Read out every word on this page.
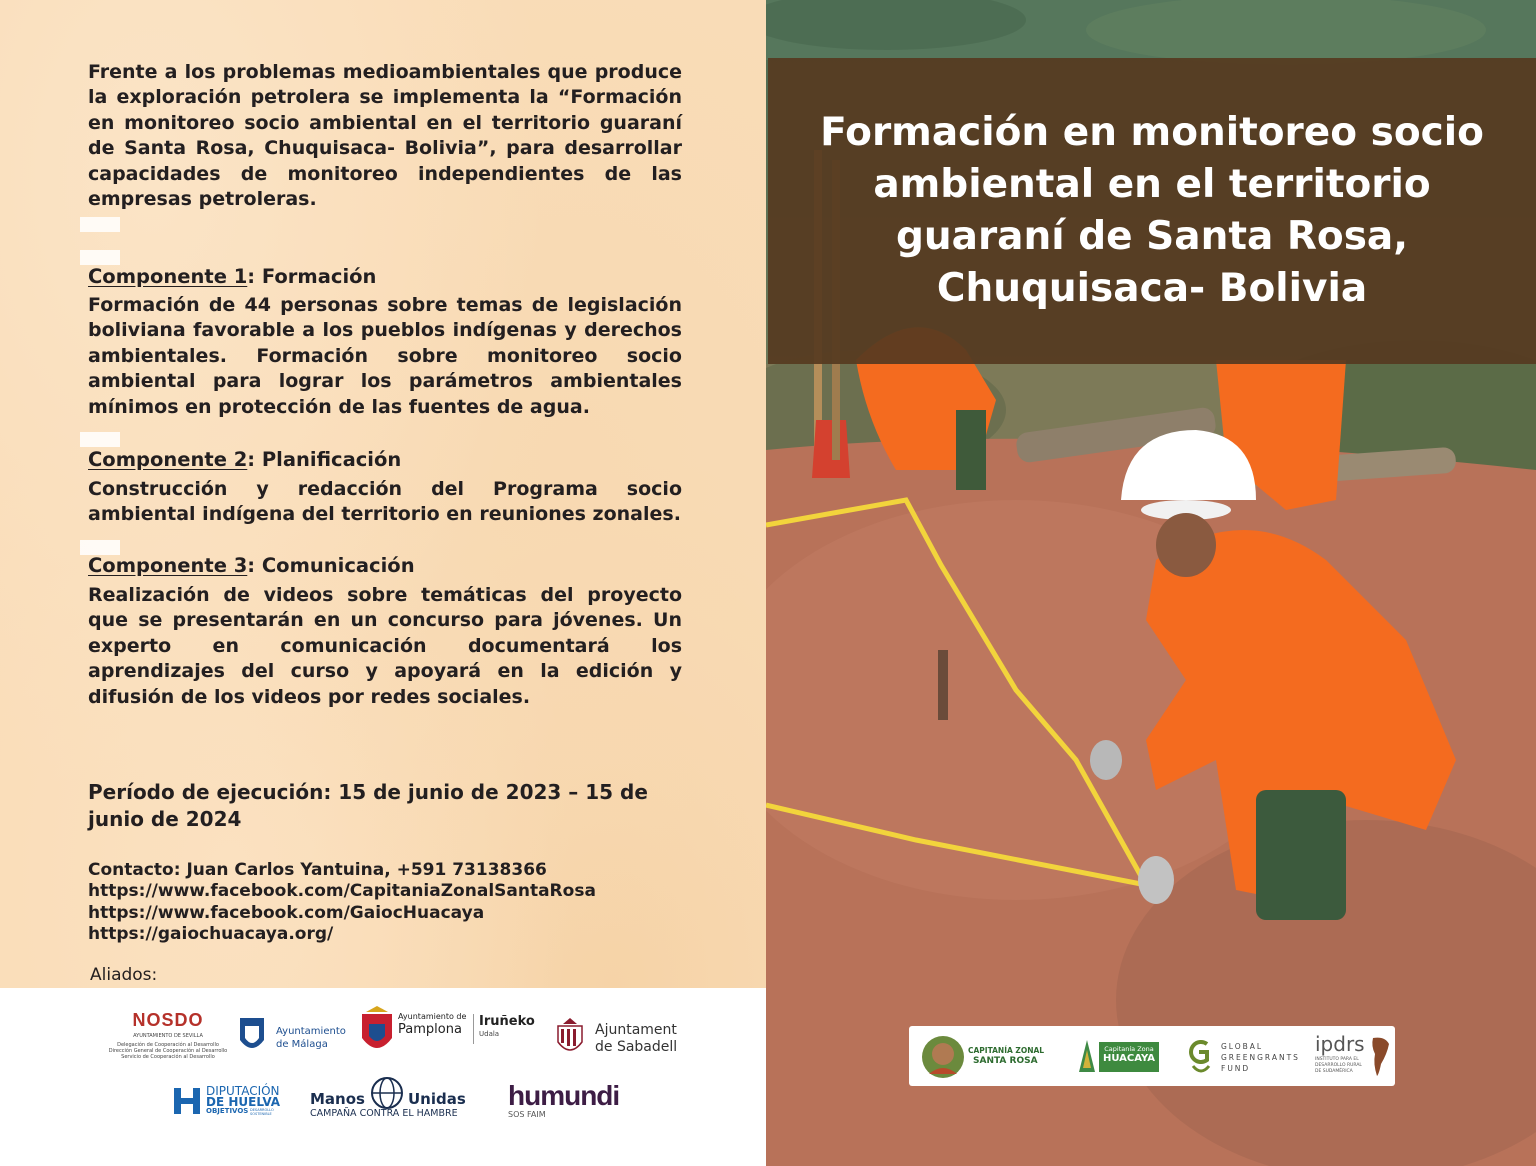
Frente a los problemas medioambientales que produce la exploración petrolera se implementa la “Formación en monitoreo socio ambiental en el territorio guaraní de Santa Rosa, Chuquisaca- Bolivia”, para desarrollar capacidades de monitoreo independientes de las empresas petroleras.

Componente 1: Formación

Formación de 44 personas sobre temas de legislación boliviana favorable a los pueblos indígenas y derechos ambientales. Formación sobre monitoreo socio ambiental para lograr los parámetros ambientales mínimos en protección de las fuentes de agua.

Componente 2: Planificación

Construcción y redacción del Programa socio ambiental indígena del territorio en reuniones zonales.

Componente 3: Comunicación

Realización de videos sobre temáticas del proyecto que se presentarán en un concurso para jóvenes. Un experto en comunicación documentará los aprendizajes del curso y apoyará en la edición y difusión de los videos por redes sociales.

Período de ejecución: 15 de junio de 2023 – 15 de junio de 2024

Contacto: Juan Carlos Yantuina, +591 73138366
https://www.facebook.com/CapitaniaZonalSantaRosa
https://www.facebook.com/GaiocHuacaya
https://gaiochuacaya.org/
Aliados:
NOSDO
AYUNTAMIENTO DE SEVILLA
Delegación de Cooperación al Desarrollo
Dirección General de Cooperación al Desarrollo
Servicio de Cooperación al Desarrollo
Ayuntamiento
de Málaga
Ayuntamiento de
Pamplona
Iruñeko
Udala	Ajuntament
de Sabadell
DIPUTACIÓN
DE HUELVA
OBJETIVOS DESARROLLO SOSTENIBLE
Manos	Unidas
CAMPAÑA CONTRA EL HAMBRE
humundi
SOS FAIM
Formación en monitoreo socio ambiental en el territorio guaraní de Santa Rosa, Chuquisaca- Bolivia
CAPITANÍA ZONAL
SANTA ROSA
Capitanía Zona
HUACAYA
GLOBAL
GREENGRANTS
FUND
ipdrs
INSTITUTO PARA EL
DESARROLLO RURAL
DE SUDAMÉRICA
